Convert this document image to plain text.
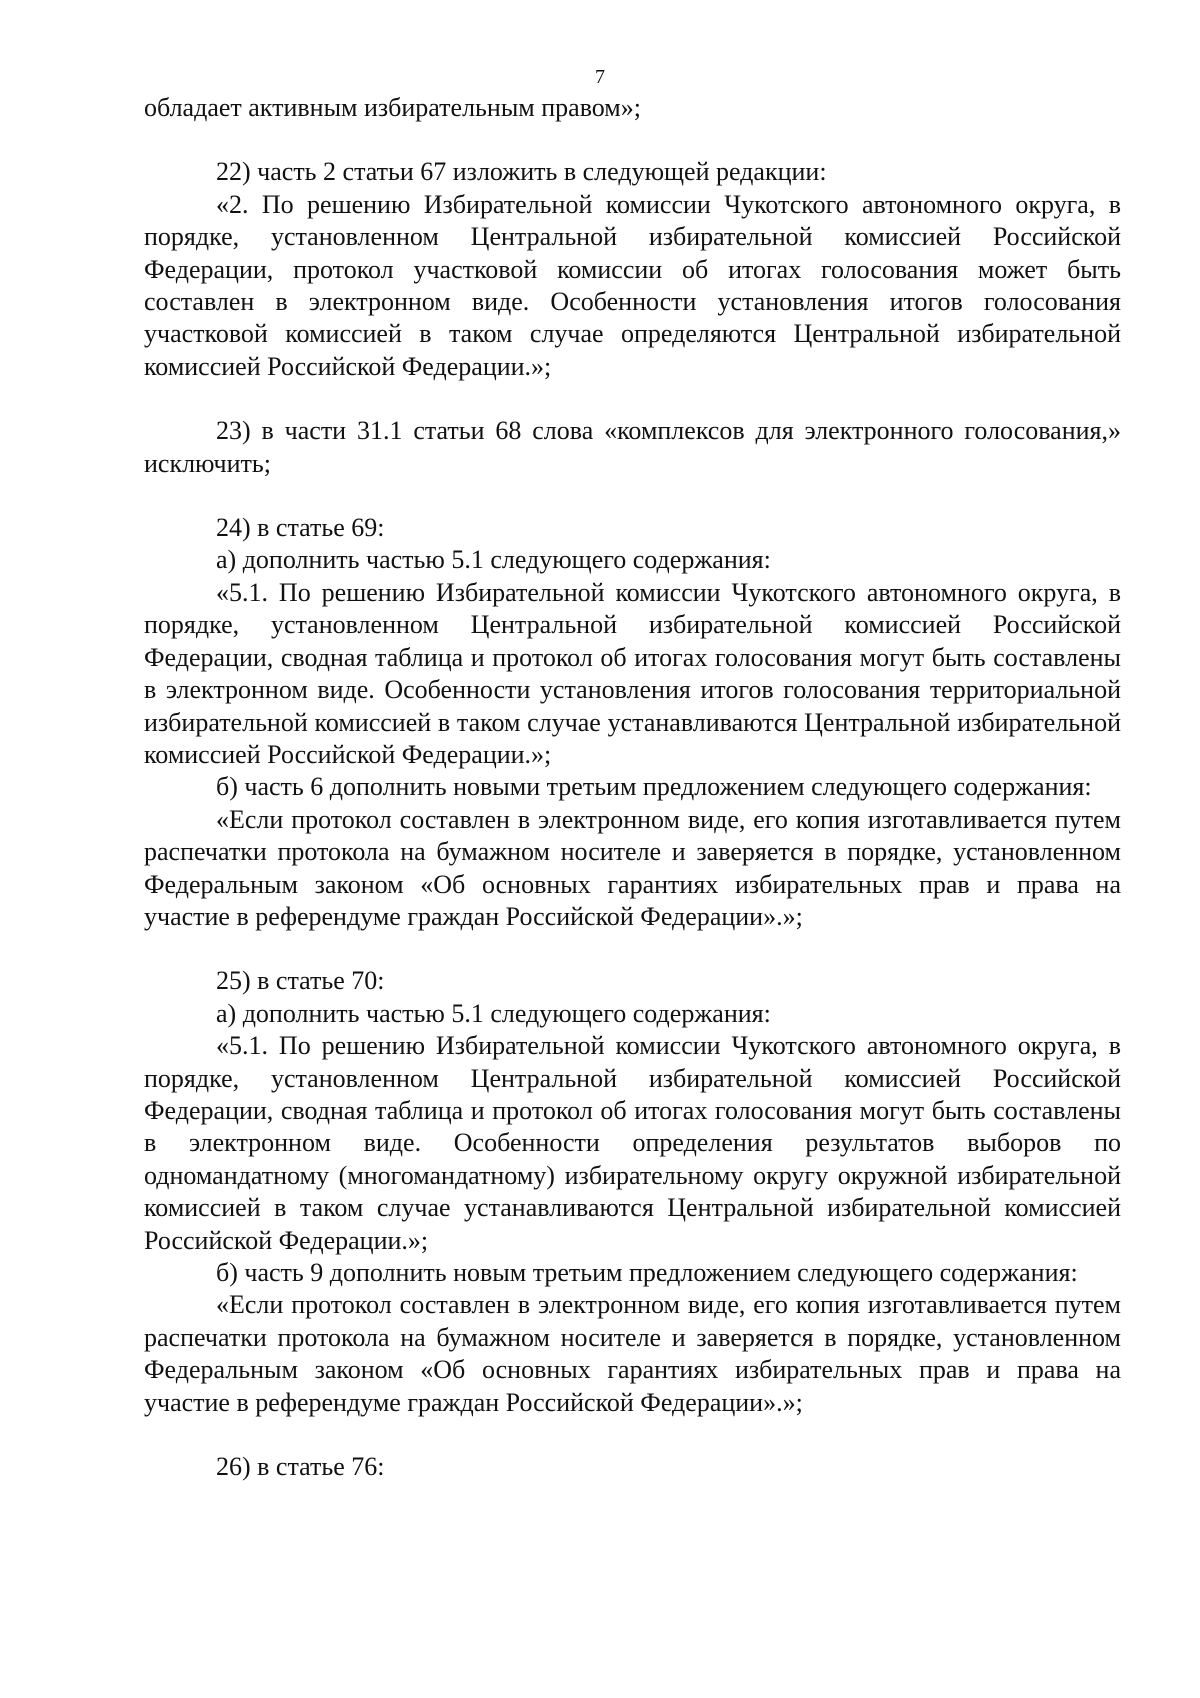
7

обладает активным избирательным правом»;

22) часть 2 статьи 67 изложить в следующей редакции:

«2. По решению Избирательной комиссии Чукотского автономного округа, в порядке, установленном Центральной избирательной комиссией Российской Федерации, протокол участковой комиссии об итогах голосования может быть составлен в электронном виде. Особенности установления итогов голосования участковой комиссией в таком случае определяются Центральной избирательной комиссией Российской Федерации.»;

23) в части 31.1 статьи 68 слова «комплексов для электронного голосования,» исключить;

24) в статье 69:

а) дополнить частью 5.1 следующего содержания:

«5.1. По решению Избирательной комиссии Чукотского автономного округа, в порядке, установленном Центральной избирательной комиссией Российской Федерации, сводная таблица и протокол об итогах голосования могут быть составлены в электронном виде. Особенности установления итогов голосования территориальной избирательной комиссией в таком случае устанавливаются Центральной избирательной комиссией Российской Федерации.»;

б) часть 6 дополнить новыми третьим предложением следующего содержания:

«Если протокол составлен в электронном виде, его копия изготавливается путем распечатки протокола на бумажном носителе и заверяется в порядке, установленном Федеральным законом «Об основных гарантиях избирательных прав и права на участие в референдуме граждан Российской Федерации».»;

25) в статье 70:

а) дополнить частью 5.1 следующего содержания:

«5.1. По решению Избирательной комиссии Чукотского автономного округа, в порядке, установленном Центральной избирательной комиссией Российской Федерации, сводная таблица и протокол об итогах голосования могут быть составлены в электронном виде. Особенности определения результатов выборов по одномандатному (многомандатному) избирательному округу окружной избирательной комиссией в таком случае устанавливаются Центральной избирательной комиссией Российской Федерации.»;

б) часть 9 дополнить новым третьим предложением следующего содержания:

«Если протокол составлен в электронном виде, его копия изготавливается путем распечатки протокола на бумажном носителе и заверяется в порядке, установленном Федеральным законом «Об основных гарантиях избирательных прав и права на участие в референдуме граждан Российской Федерации».»;

26) в статье 76:
